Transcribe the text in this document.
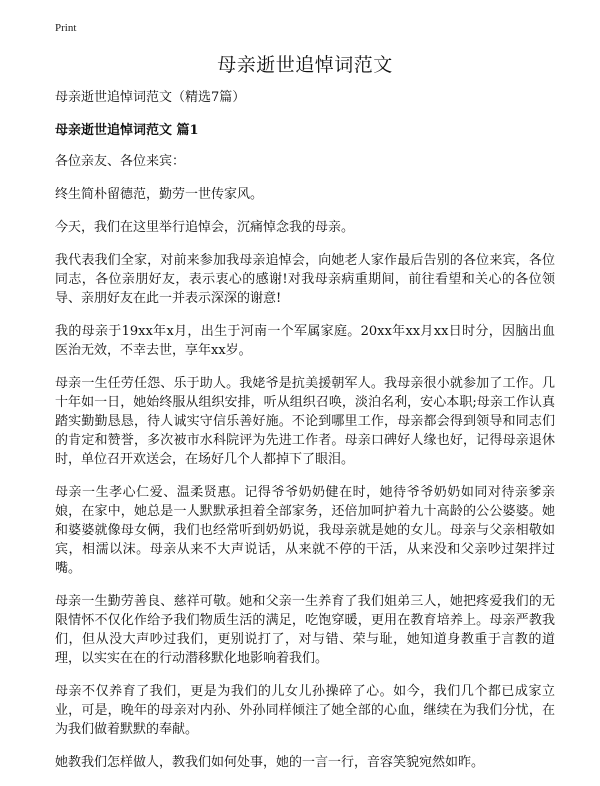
Print
母亲逝世追悼词范文
母亲逝世追悼词范文（精选7篇）
母亲逝世追悼词范文 篇1

各位亲友、各位来宾：

终生简朴留德范，勤劳一世传家风。

今天，我们在这里举行追悼会，沉痛悼念我的母亲。

我代表我们全家，对前来参加我母亲追悼会，向她老人家作最后告别的各位来宾，各位同志，各位亲朋好友，表示衷心的感谢!对我母亲病重期间，前往看望和关心的各位领导、亲朋好友在此一并表示深深的谢意!

我的母亲于19xx年x月，出生于河南一个军属家庭。20xx年xx月xx日时分，因脑出血医治无效，不幸去世，享年xx岁。

母亲一生任劳任怨、乐于助人。我姥爷是抗美援朝军人。我母亲很小就参加了工作。几十年如一日，她始终服从组织安排，听从组织召唤，淡泊名利，安心本职;母亲工作认真踏实勤勤恳恳，待人诚实守信乐善好施。不论到哪里工作，母亲都会得到领导和同志们的肯定和赞誉，多次被市水科院评为先进工作者。母亲口碑好人缘也好，记得母亲退休时，单位召开欢送会，在场好几个人都掉下了眼泪。

母亲一生孝心仁爱、温柔贤惠。记得爷爷奶奶健在时，她待爷爷奶奶如同对待亲爹亲娘，在家中，她总是一人默默承担着全部家务，还倍加呵护着九十高龄的公公婆婆。她和婆婆就像母女俩，我们也经常听到奶奶说，我母亲就是她的女儿。母亲与父亲相敬如宾，相濡以沫。母亲从来不大声说话，从来就不停的干活，从来没和父亲吵过架拌过嘴。

母亲一生勤劳善良、慈祥可敬。她和父亲一生养育了我们姐弟三人，她把疼爱我们的无限情怀不仅化作给予我们物质生活的满足，吃饱穿暖，更用在教育培养上。母亲严教我们，但从没大声吵过我们，更别说打了，对与错、荣与耻，她知道身教重于言教的道理，以实实在在的行动潜移默化地影响着我们。

母亲不仅养育了我们，更是为我们的儿女儿孙操碎了心。如今，我们几个都已成家立业，可是，晚年的母亲对内孙、外孙同样倾注了她全部的心血，继续在为我们分忧，在为我们做着默默的奉献。

她教我们怎样做人，教我们如何处事，她的一言一行，音容笑貌宛然如昨。
